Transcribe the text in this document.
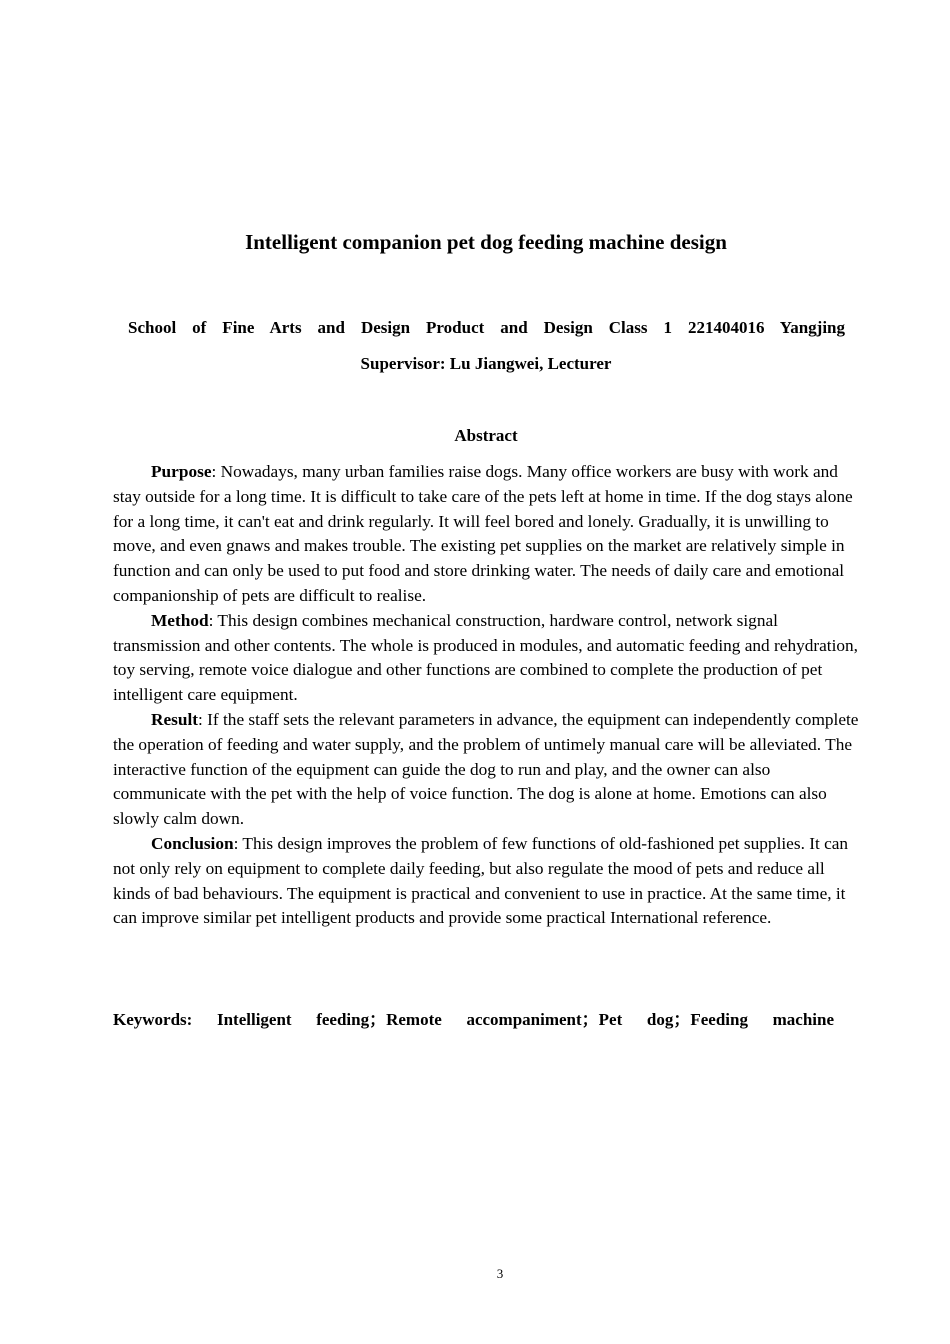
Intelligent companion pet dog feeding machine design
School of Fine Arts and Design Product and Design Class 1 221404016 Yangjing
Supervisor: Lu Jiangwei, Lecturer
Abstract

Purpose: Nowadays, many urban families raise dogs. Many office workers are busy with work and stay outside for a long time. It is difficult to take care of the pets left at home in time. If the dog stays alone for a long time, it can't eat and drink regularly. It will feel bored and lonely. Gradually, it is unwilling to move, and even gnaws and makes trouble. The existing pet supplies on the market are relatively simple in function and can only be used to put food and store drinking water. The needs of daily care and emotional companionship of pets are difficult to realise.

Method: This design combines mechanical construction, hardware control, network signal transmission and other contents. The whole is produced in modules, and automatic feeding and rehydration, toy serving, remote voice dialogue and other functions are combined to complete the production of pet intelligent care equipment.

Result: If the staff sets the relevant parameters in advance, the equipment can independently complete the operation of feeding and water supply, and the problem of untimely manual care will be alleviated. The interactive function of the equipment can guide the dog to run and play, and the owner can also communicate with the pet with the help of voice function. The dog is alone at home. Emotions can also slowly calm down.

Conclusion: This design improves the problem of few functions of old-fashioned pet supplies. It can not only rely on equipment to complete daily feeding, but also regulate the mood of pets and reduce all kinds of bad behaviours. The equipment is practical and convenient to use in practice. At the same time, it can improve similar pet intelligent products and provide some practical International reference.

Keywords: Intelligent feeding；Remote accompaniment；Pet dog；Feeding machine
3
